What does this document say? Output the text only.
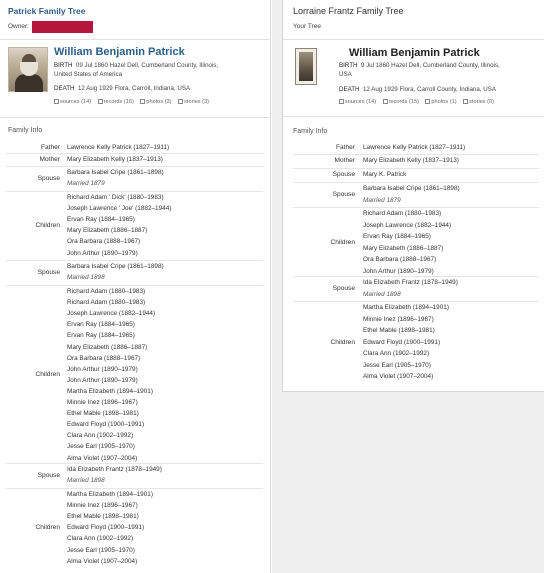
Patrick Family Tree
Owner:
William Benjamin Patrick
BIRTH 09 Jul 1860 Hazel Dell, Cumberland County, Illinois,
United States of America
DEATH 12 Aug 1929 Flora, Carroll, Indiana, USA
sources (14) records (16) photos (3) stories (3)
Family Info
Father Lawrence Kelly Patrick (1827–1911)
Mother Mary Elizabeth Kelly (1837–1913)
Spouse
Barbara Isabel Cripe (1861–1898)
Married 1879
Children
Richard Adam ' Dick' (1880–1983)
Joseph Lawrence ' Joe' (1882–1944)
Ervan Ray (1884–1965)
Mary Elizabeth (1886–1887)
Ora Barbara (1888–1967)
John Arthur (1890–1979)
Spouse
Barbara Isabel Cripe (1861–1898)
Married 1898
Children
Richard Adam (1880–1983)
Richard Adam (1880–1983)
Joseph Lawrence (1882–1944)
Ervan Ray (1884–1965)
Ervan Ray (1884–1965)
Mary Elizabeth (1886–1887)
Ora Barbara (1888–1967)
John Arthur (1890–1979)
John Arthur (1890–1979)
Martha Elizabeth (1894–1901)
Minnie Inez (1896–1967)
Ethel Mable (1898–1981)
Edward Floyd (1900–1991)
Clara Ann (1902–1992)
Jesse Earl (1905–1970)
Alma Violet (1907–2004)
Spouse
Ida Elizabeth Frantz (1878–1949)
Married 1898
Children
Martha Elizabeth (1894–1901)
Minnie Inez (1896–1967)
Ethel Mable (1898–1981)
Edward Floyd (1900–1991)
Clara Ann (1902–1992)
Jesse Earl (1905–1970)
Alma Violet (1907–2004)
Lorraine Frantz Family Tree
Your Tree
William Benjamin Patrick
BIRTH 9 Jul 1860 Hazel Dell, Cumberland County, Illinois,
USA
DEATH 12 Aug 1929 Flora, Carroll County, Indiana, USA
sources (14) records (15) photos (1) stories (0)
Family Info
Father Lawrence Kelly Patrick (1827–1911)
Mother Mary Elizabeth Kelly (1837–1913)
Spouse Mary K. Patrick
Spouse
Barbara Isabel Cripe (1861–1898)
Married 1879
Children
Richard Adam (1880–1983)
Joseph Lawrence (1882–1944)
Ervan Ray (1884–1965)
Mary Elizabeth (1886–1887)
Ora Barbara (1888–1967)
John Arthur (1890–1979)
Spouse
Ida Elizabeth Frantz (1878–1949)
Married 1898
Children
Martha Elizabeth (1894–1901)
Minnie Inez (1896–1967)
Ethel Mable (1898–1981)
Edward Floyd (1900–1991)
Clara Ann (1902–1992)
Jesse Earl (1905–1970)
Alma Violet (1907–2004)
